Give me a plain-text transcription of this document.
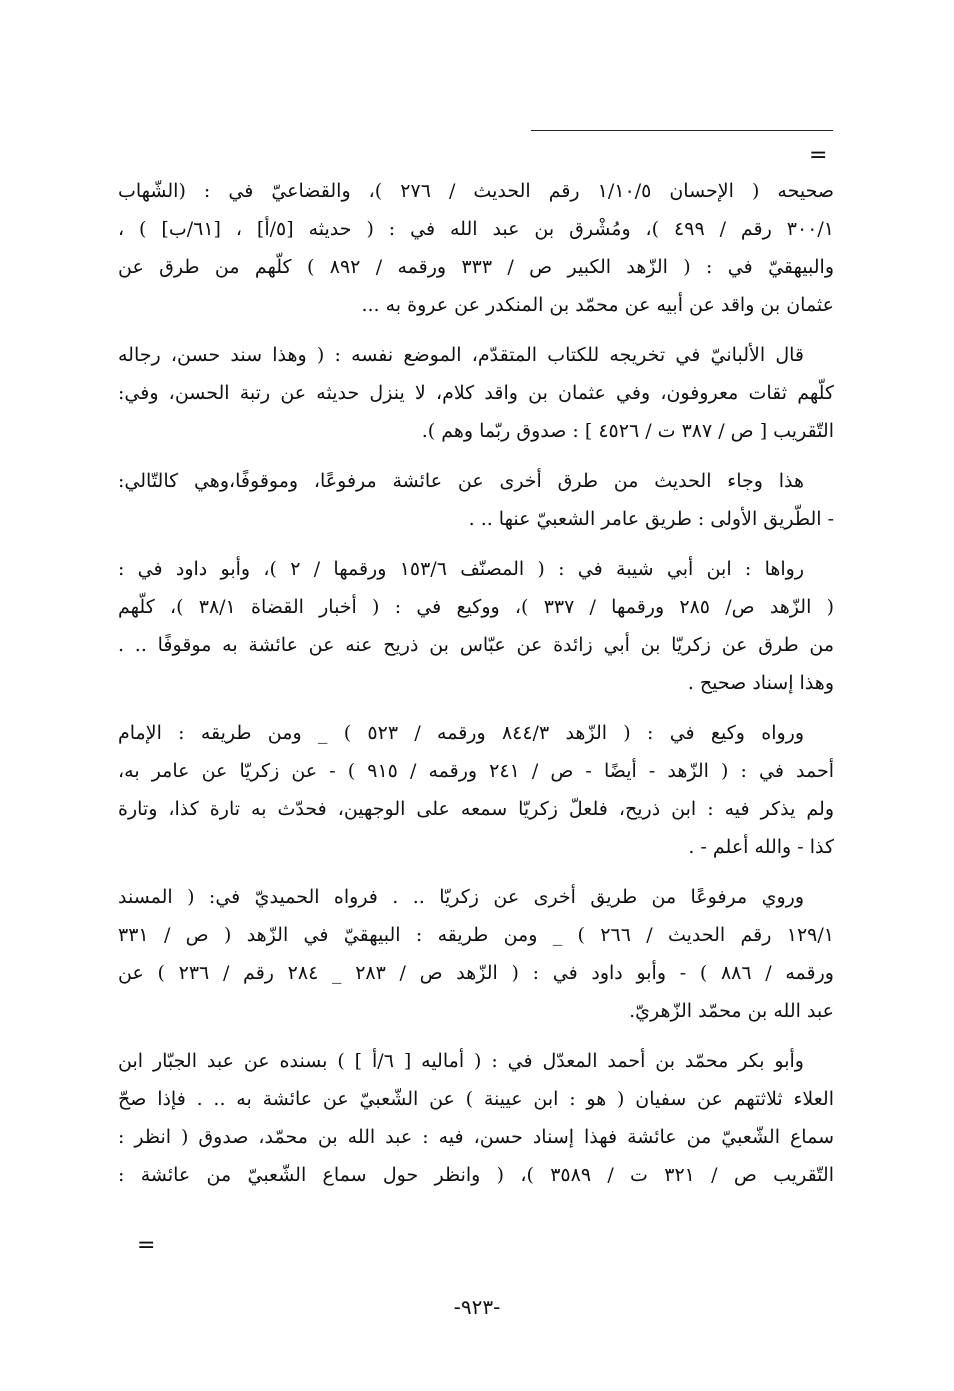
=
صحيحه ( الإحسان ١/١٠/٥ رقم الحديث / ٢٧٦ )، والقضاعيّ في : (الشّهاب
٣٠٠/١ رقم / ٤٩٩ )، ومُشْرق بن عبد الله في : ( حديثه [٥/أ] ، [٦١/ب] ) ،
والبيهقيّ في : ( الزّهد الكبير ص / ٣٣٣ ورقمه / ٨٩٢ ) كلّهم من طرق عن
عثمان بن واقد عن أبيه عن محمّد بن المنكدر عن عروة به ...
قال الألبانيّ في تخريجه للكتاب المتقدّم، الموضع نفسه : ( وهذا سند حسن، رجاله
كلّهم ثقات معروفون، وفي عثمان بن واقد كلام، لا ينزل حديثه عن رتبة الحسن، وفي:
التّقريب [ ص / ٣٨٧ ت / ٤٥٢٦ ] : صدوق ربّما وهم ).
هذا وجاء الحديث من طرق أخرى عن عائشة مرفوعًا، وموقوفًا،وهي كالتّالي:
- الطّريق الأولى : طريق عامر الشعبيّ عنها .. .
رواها : ابن أبي شيبة في : ( المصنّف ١٥٣/٦ ورقمها / ٢ )، وأبو داود في :
( الزّهد ص/ ٢٨٥ ورقمها / ٣٣٧ )، ووكيع في : ( أخبار القضاة ٣٨/١ )، كلّهم
من طرق عن زكريّا بن أبي زائدة عن عبّاس بن ذريح عنه عن عائشة به موقوفًا .. .
وهذا إسناد صحيح .
ورواه وكيع في : ( الزّهد ٨٤٤/٣ ورقمه / ٥٢٣ ) _ ومن طريقه : الإمام
أحمد في : ( الزّهد - أيضًا - ص / ٢٤١ ورقمه / ٩١٥ ) - عن زكريّا عن عامر به،
ولم يذكر فيه : ابن ذريح، فلعلّ زكريّا سمعه على الوجهين، فحدّث به تارة كذا، وتارة
كذا - والله أعلم - .
وروي مرفوعًا من طريق أخرى عن زكريّا .. . فرواه الحميديّ في: ( المسند
١٢٩/١ رقم الحديث / ٢٦٦ ) _ ومن طريقه : البيهقيّ في الزّهد ( ص / ٣٣١
ورقمه / ٨٨٦ ) - وأبو داود في : ( الزّهد ص / ٢٨٣ _ ٢٨٤ رقم / ٢٣٦ ) عن
عبد الله بن محمّد الزّهريّ.
وأبو بكر محمّد بن أحمد المعدّل في : ( أماليه [ ٦/أ ] ) بسنده عن عبد الجبّار ابن
العلاء ثلاثتهم عن سفيان ( هو : ابن عيينة ) عن الشّعبيّ عن عائشة به .. . فإذا صحّ
سماع الشّعبيّ من عائشة فهذا إسناد حسن، فيه : عبد الله بن محمّد، صدوق ( انظر :
التّقريب ص / ٣٢١ ت / ٣٥٨٩ )، ( وانظر حول سماع الشّعبيّ من عائشة :
=
-٩٢٣-
